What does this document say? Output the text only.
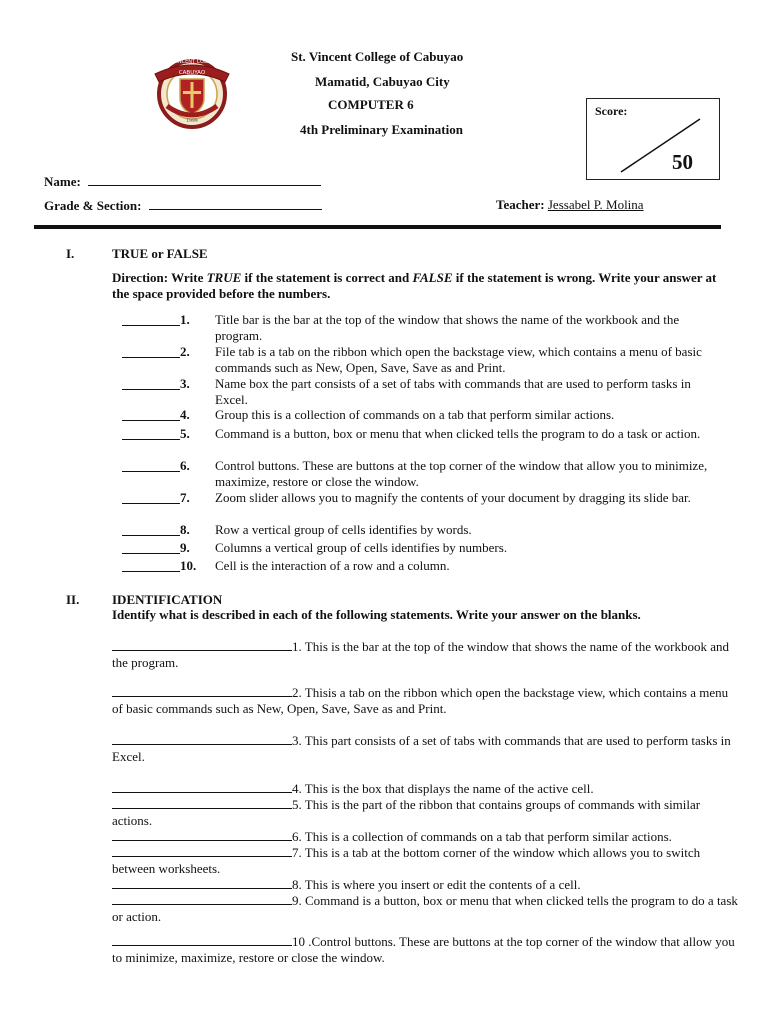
ST. VINCENT COLLEGE
CABUYAO
1999
St. Vincent College of Cabuyao
Mamatid, Cabuyao City
COMPUTER 6
4th Preliminary Examination
Score:
50
Name:
Grade & Section:	Teacher: Jessabel P. Molina
I.	TRUE or FALSE
Direction: Write TRUE if the statement is correct and FALSE if the statement is wrong. Write your answer at the space provided before the numbers.
1. Title bar is the bar at the top of the window that shows the name of the workbook and the program.
2. File tab is a tab on the ribbon which open the backstage view, which contains a menu of basic commands such as New, Open, Save, Save as and Print.
3. Name box the part consists of a set of tabs with commands that are used to perform tasks in Excel.
4. Group this is a collection of commands on a tab that perform similar actions.
5. Command is a button, box or menu that when clicked tells the program to do a task or action.
6. Control buttons. These are buttons at the top corner of the window that allow you to minimize, maximize, restore or close the window.
7. Zoom slider allows you to magnify the contents of your document by dragging its slide bar.
8. Row a vertical group of cells identifies by words.
9. Columns a vertical group of cells identifies by numbers.
10. Cell is the interaction of a row and a column.
II.	IDENTIFICATION
Identify what is described in each of the following statements. Write your answer on the blanks.
1. This is the bar at the top of the window that shows the name of the workbook and the program.
2. Thisis a tab on the ribbon which open the backstage view, which contains a menu of basic commands such as New, Open, Save, Save as and Print.
3. This part consists of a set of tabs with commands that are used to perform tasks in Excel.
4. This is the box that displays the name of the active cell.
5. This is the part of the ribbon that contains groups of commands with similar actions.
6. This is a collection of commands on a tab that perform similar actions.
7. This is a tab at the bottom corner of the window which allows you to switch between worksheets.
8. This is where you insert or edit the contents of a cell.
9. Command is a button, box or menu that when clicked tells the program to do a task or action.
10 .Control buttons. These are buttons at the top corner of the window that allow you to minimize, maximize, restore or close the window.
